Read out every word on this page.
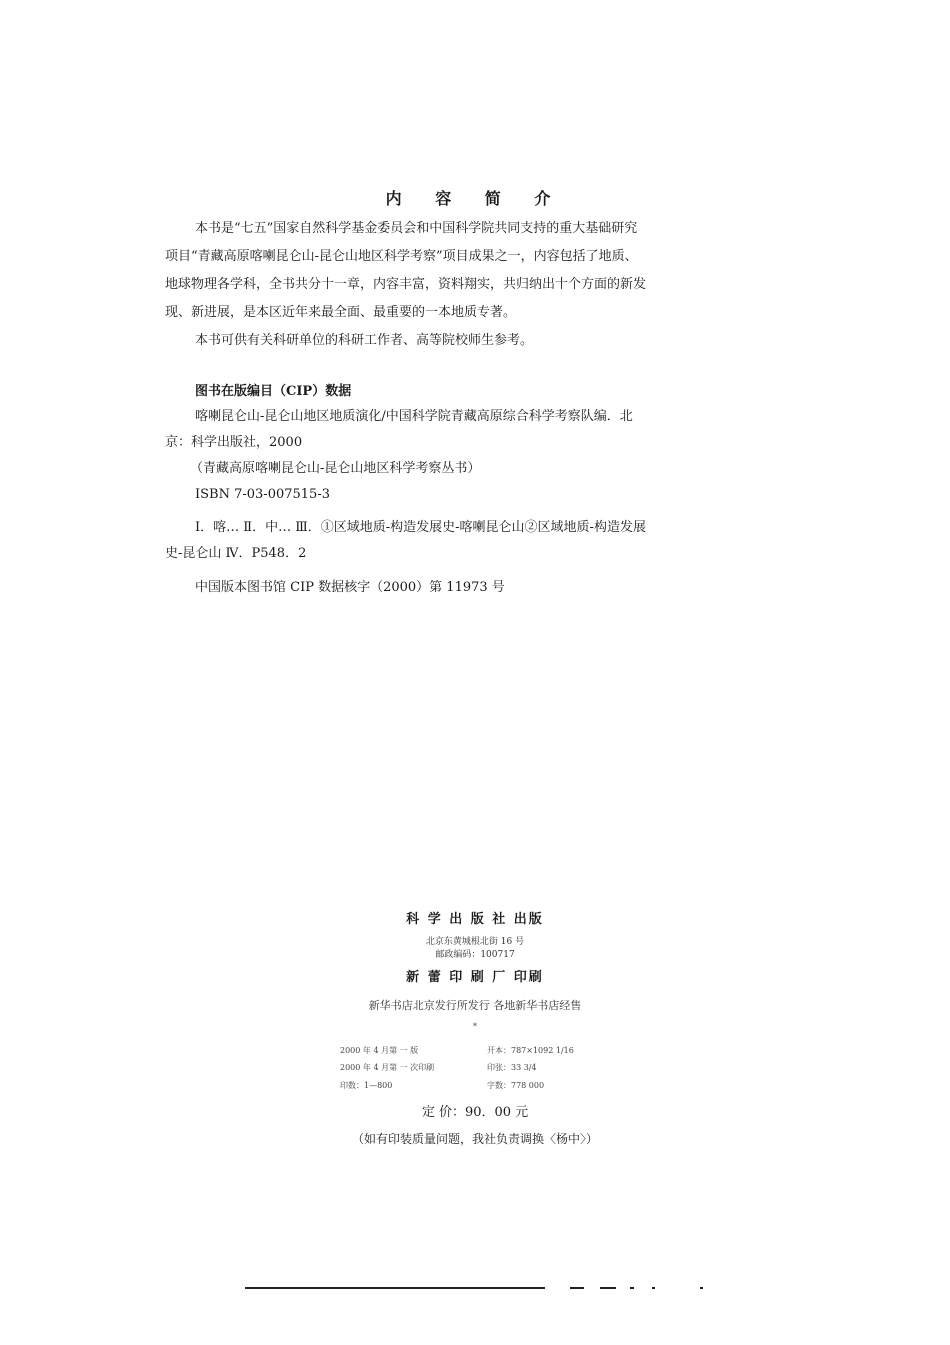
内 容 简 介
本书是“七五”国家自然科学基金委员会和中国科学院共同支持的重大基础研究
项目“青藏高原喀喇昆仑山-昆仑山地区科学考察”项目成果之一，内容包括了地质、
地球物理各学科，全书共分十一章，内容丰富，资料翔实，共归纳出十个方面的新发
现、新进展，是本区近年来最全面、最重要的一本地质专著。
本书可供有关科研单位的科研工作者、高等院校师生参考。
图书在版编目（CIP）数据
喀喇昆仑山-昆仑山地区地质演化/中国科学院青藏高原综合科学考察队编．北
京：科学出版社，2000
（青藏高原喀喇昆仑山-昆仑山地区科学考察丛书）
ISBN 7-03-007515-3
Ⅰ．喀… Ⅱ．中… Ⅲ．①区域地质-构造发展史-喀喇昆仑山②区域地质-构造发展
史-昆仑山 Ⅳ．P548．2
中国版本图书馆 CIP 数据核字（2000）第 11973 号
科 学 出 版 社 出版
北京东黄城根北街 16 号
邮政编码：100717
新 蕾 印 刷 厂 印刷
新华书店北京发行所发行 各地新华书店经售
*
2000 年 4 月第 一 版	开本：787×1092 1/16
2000 年 4 月第 一 次印刷	印张：33 3/4
印数：1—800	字数：778 000
定 价：90．00 元
（如有印装质量问题，我社负责调换〈杨中〉）
